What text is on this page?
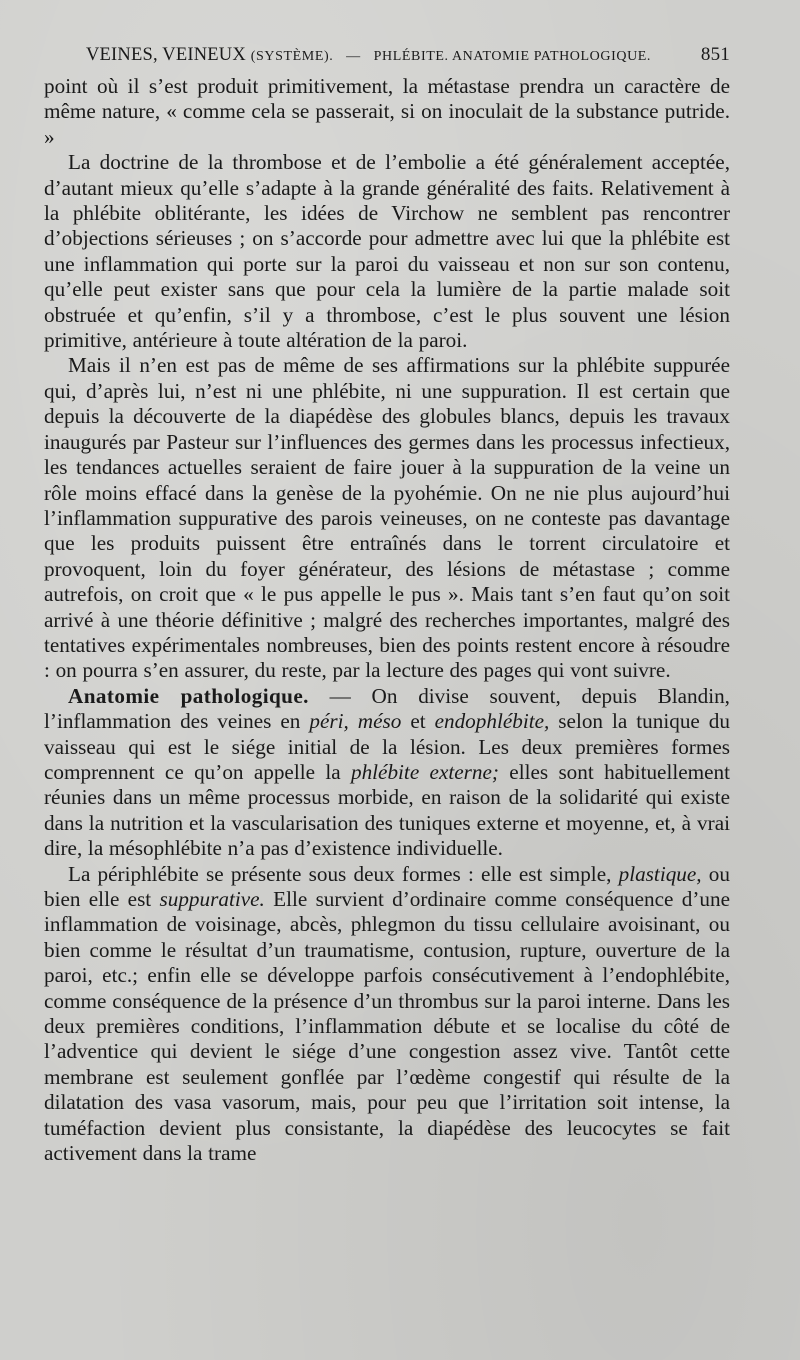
VEINES, VEINEUX (SYSTÈME). — PHLÉBITE. ANATOMIE PATHOLOGIQUE.	851

point où il s’est produit primitivement, la métastase prendra un caractère de même nature, « comme cela se passerait, si on inoculait de la substance putride. »

La doctrine de la thrombose et de l’embolie a été généralement acceptée, d’autant mieux qu’elle s’adapte à la grande généralité des faits. Relativement à la phlébite oblitérante, les idées de Virchow ne semblent pas rencontrer d’objections sérieuses ; on s’accorde pour admettre avec lui que la phlébite est une inflammation qui porte sur la paroi du vaisseau et non sur son contenu, qu’elle peut exister sans que pour cela la lumière de la partie malade soit obstruée et qu’enfin, s’il y a thrombose, c’est le plus souvent une lésion primitive, antérieure à toute altération de la paroi.

Mais il n’en est pas de même de ses affirmations sur la phlébite suppurée qui, d’après lui, n’est ni une phlébite, ni une suppuration. Il est certain que depuis la découverte de la diapédèse des globules blancs, depuis les travaux inaugurés par Pasteur sur l’influences des germes dans les processus infectieux, les tendances actuelles seraient de faire jouer à la suppuration de la veine un rôle moins effacé dans la genèse de la pyohémie. On ne nie plus aujourd’hui l’inflammation suppurative des parois veineuses, on ne conteste pas davantage que les produits puissent être entraînés dans le torrent circulatoire et provoquent, loin du foyer générateur, des lésions de métastase ; comme autrefois, on croit que « le pus appelle le pus ». Mais tant s’en faut qu’on soit arrivé à une théorie définitive ; malgré des recherches importantes, malgré des tentatives expérimentales nombreuses, bien des points restent encore à résoudre : on pourra s’en assurer, du reste, par la lecture des pages qui vont suivre.

Anatomie pathologique. — On divise souvent, depuis Blandin, l’inflammation des veines en péri, méso et endophlébite, selon la tunique du vaisseau qui est le siége initial de la lésion. Les deux premières formes comprennent ce qu’on appelle la phlébite externe; elles sont habituellement réunies dans un même processus morbide, en raison de la solidarité qui existe dans la nutrition et la vascularisation des tuniques externe et moyenne, et, à vrai dire, la mésophlébite n’a pas d’existence individuelle.

La périphlébite se présente sous deux formes : elle est simple, plastique, ou bien elle est suppurative. Elle survient d’ordinaire comme conséquence d’une inflammation de voisinage, abcès, phlegmon du tissu cellulaire avoisinant, ou bien comme le résultat d’un traumatisme, contusion, rupture, ouverture de la paroi, etc.; enfin elle se développe parfois consécutivement à l’endophlébite, comme conséquence de la présence d’un thrombus sur la paroi interne. Dans les deux premières conditions, l’inflammation débute et se localise du côté de l’adventice qui devient le siége d’une congestion assez vive. Tantôt cette membrane est seulement gonflée par l’œdème congestif qui résulte de la dilatation des vasa vasorum, mais, pour peu que l’irritation soit intense, la tuméfaction devient plus consistante, la diapédèse des leucocytes se fait activement dans la trame
